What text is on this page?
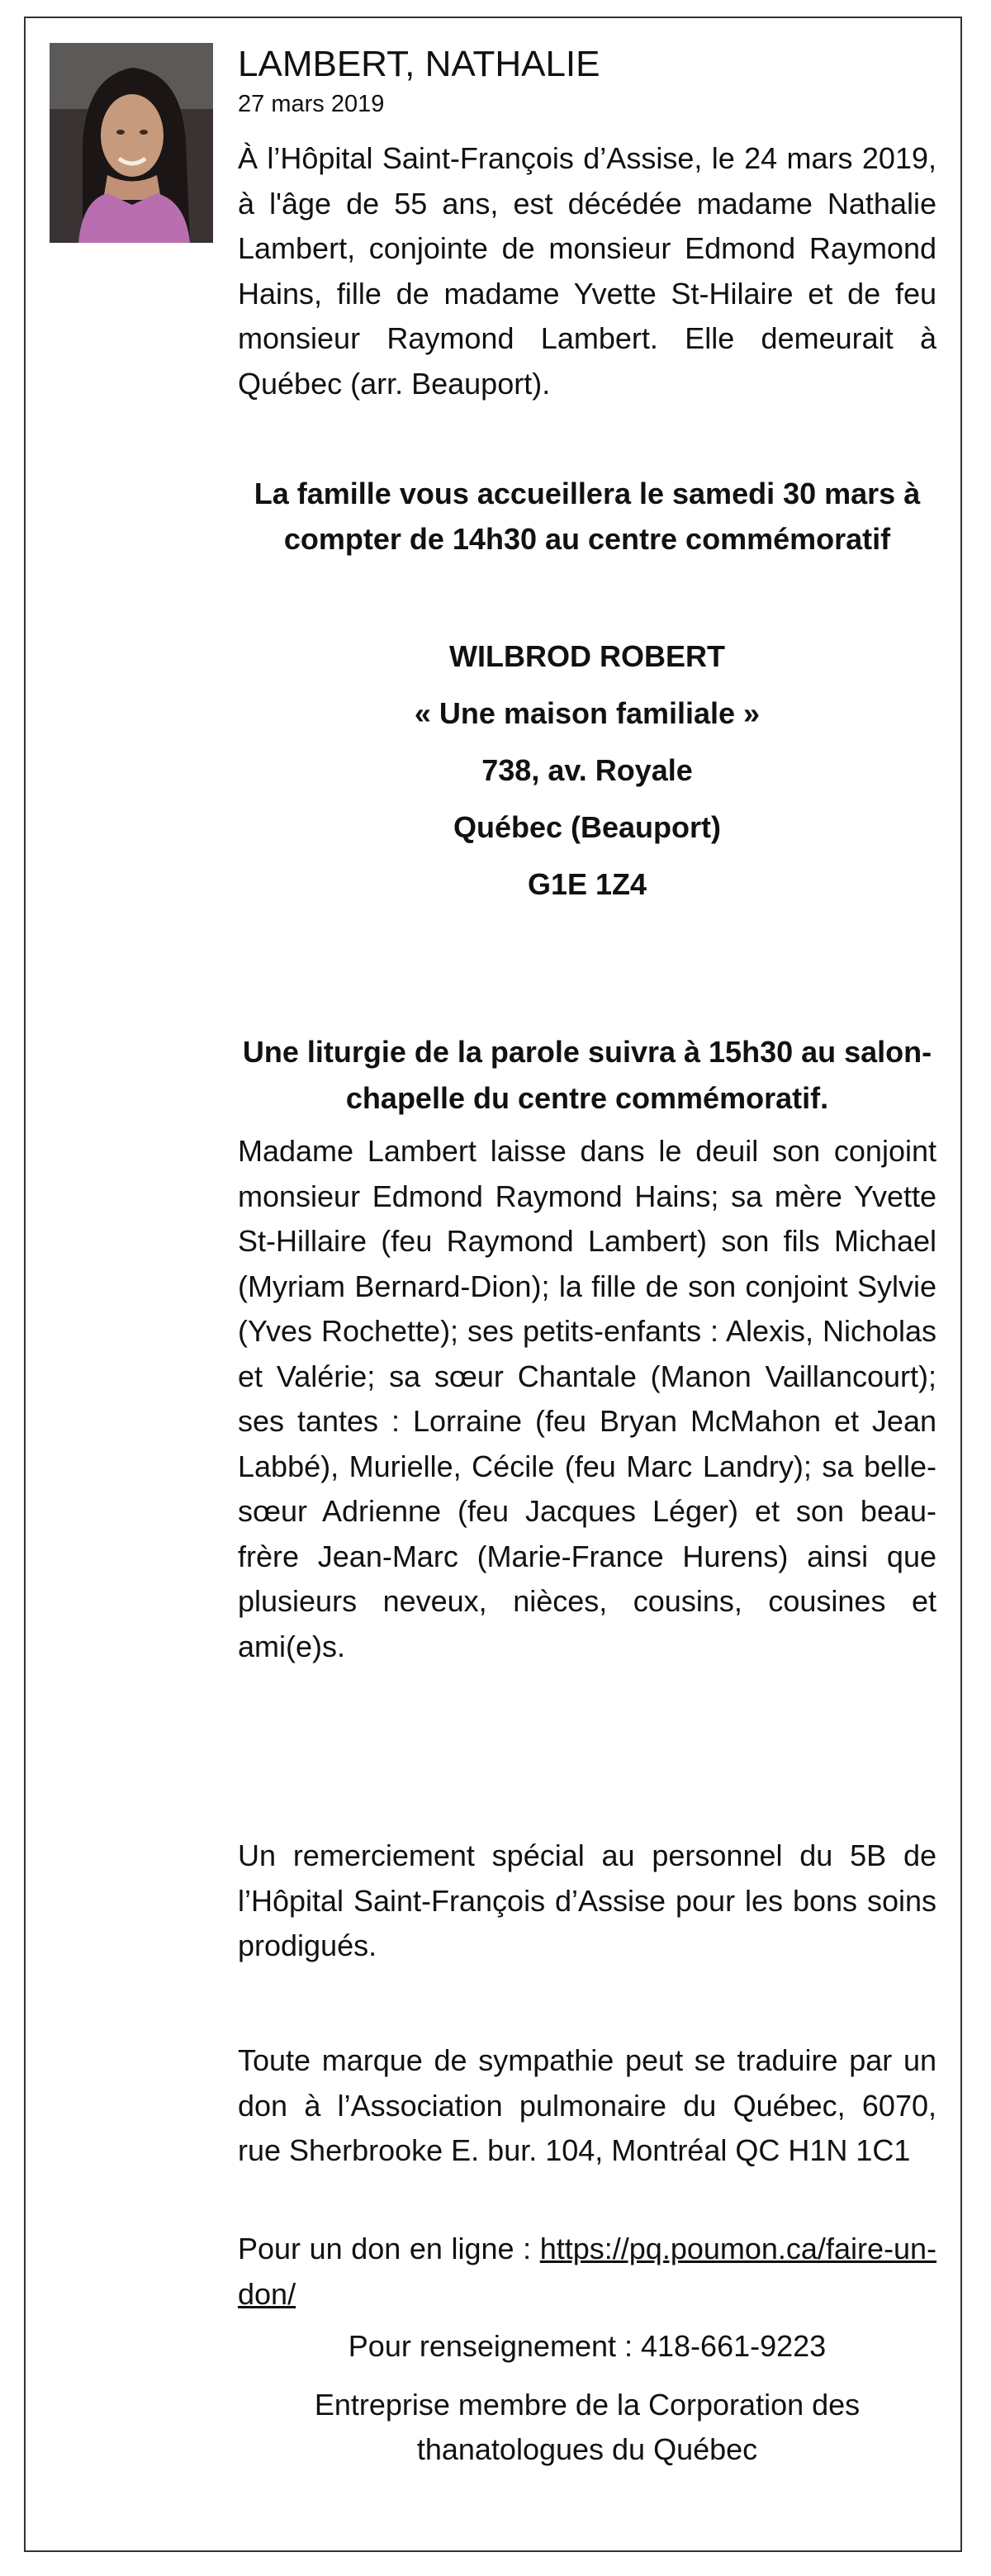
LAMBERT, NATHALIE
27 mars 2019

À l’Hôpital Saint-François d’Assise, le 24 mars 2019, à l'âge de 55 ans, est décédée madame Nathalie Lambert, conjointe de monsieur Edmond Raymond Hains, fille de madame Yvette St-Hilaire et de feu monsieur Raymond Lambert. Elle demeurait à Québec (arr. Beauport).

La famille vous accueillera le samedi 30 mars à compter de 14h30 au centre commémoratif

WILBROD ROBERT
« Une maison familiale »
738, av. Royale
Québec (Beauport)
G1E 1Z4

Une liturgie de la parole suivra à 15h30 au salon-chapelle du centre commémoratif.

Madame Lambert laisse dans le deuil son conjoint monsieur Edmond Raymond Hains; sa mère Yvette St-Hillaire (feu Raymond Lambert) son fils Michael (Myriam Bernard-Dion); la fille de son conjoint Sylvie (Yves Rochette); ses petits-enfants : Alexis, Nicholas et Valérie; sa sœur Chantale (Manon Vaillancourt); ses tantes : Lorraine (feu Bryan McMahon et Jean Labbé), Murielle, Cécile (feu Marc Landry); sa belle-sœur Adrienne (feu Jacques Léger) et son beau-frère Jean-Marc (Marie-France Hurens) ainsi que plusieurs neveux, nièces, cousins, cousines et ami(e)s.

Un remerciement spécial au personnel du 5B de l’Hôpital Saint-François d’Assise pour les bons soins prodigués.

Toute marque de sympathie peut se traduire par un don à l’Association pulmonaire du Québec, 6070, rue Sherbrooke E. bur. 104, Montréal QC H1N 1C1

Pour un don en ligne : https://pq.poumon.ca/faire-un-don/

Pour renseignement : 418-661-9223

Entreprise membre de la Corporation des thanatologues du Québec
